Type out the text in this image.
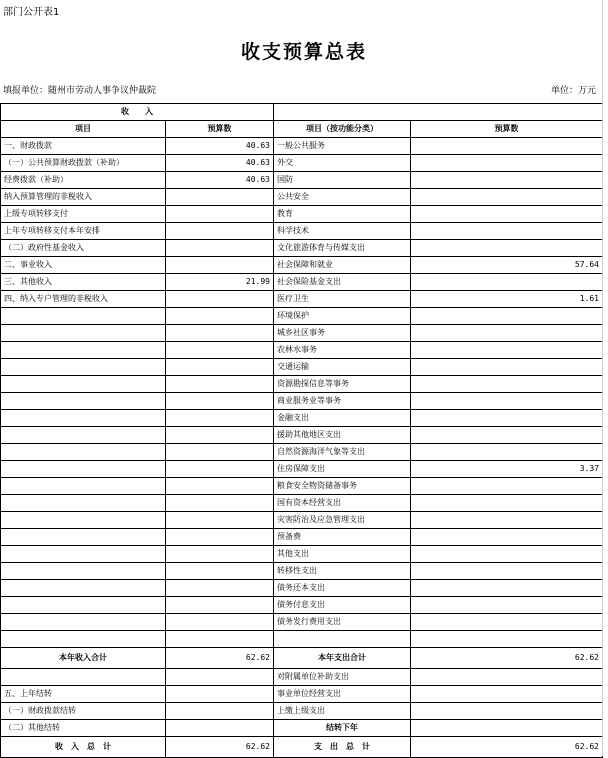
部门公开表1
收支预算总表
填报单位：随州市劳动人事争议仲裁院	单位：万元
收　　入			
项目	预算数	项目（按功能分类）	预算数
一、财政拨款	40.63	一般公共服务	
（一）公共预算财政拨款（补助）	40.63	外交	
经费拨款（补助）	40.63	国防	
纳入预算管理的非税收入		公共安全	
上级专项转移支付		教育	
上年专项转移支付本年安排		科学技术	
（二）政府性基金收入		文化旅游体育与传媒支出	
二、事业收入		社会保障和就业	57.64
三、其他收入	21.99	社会保险基金支出	
四、纳入专户管理的非税收入		医疗卫生	1.61
		环境保护	
		城乡社区事务	
		农林水事务	
		交通运输	
		资源勘探信息等事务	
		商业服务业等事务	
		金融支出	
		援助其他地区支出	
		自然资源海洋气象等支出	
		住房保障支出	3.37
		粮食安全物资储备事务	
		国有资本经营支出	
		灾害防治及应急管理支出	
		预备费	
		其他支出	
		转移性支出	
		债务还本支出	
		债务付息支出	
		债务发行费用支出	

本年收入合计	62.62	本年支出合计	62.62
		对附属单位补助支出	
五、上年结转		事业单位经营支出	
（一）财政拨款结转		上缴上级支出	
（二）其他结转		结转下年	
收　入　总　计	62.62	支　出　总　计	62.62
